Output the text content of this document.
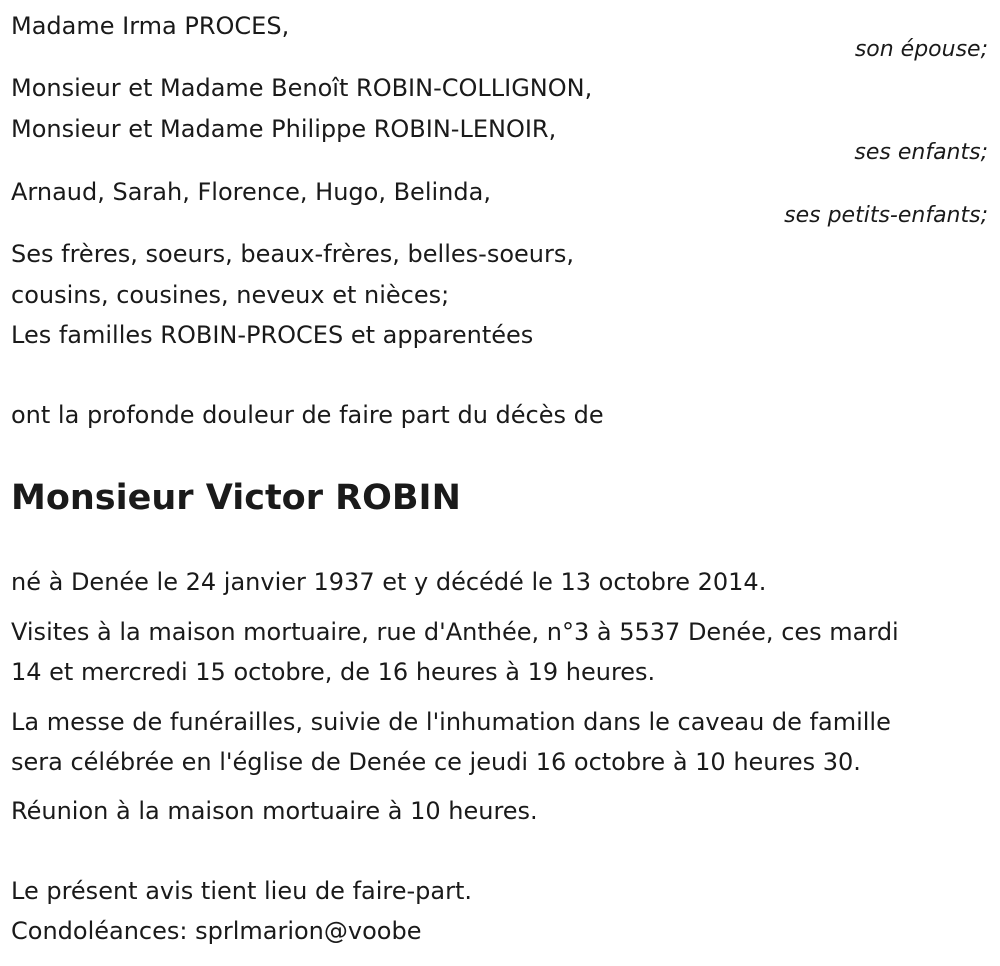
Madame Irma PROCES,

son épouse;

Monsieur et Madame Benoît ROBIN-COLLIGNON,

Monsieur et Madame Philippe ROBIN-LENOIR,

ses enfants;

Arnaud, Sarah, Florence, Hugo, Belinda,

ses petits-enfants;

Ses frères, soeurs, beaux-frères, belles-soeurs,

cousins, cousines, neveux et nièces;

Les familles ROBIN-PROCES et apparentées

ont la profonde douleur de faire part du décès de

Monsieur Victor ROBIN

né à Denée le 24 janvier 1937 et y décédé le 13 octobre 2014.

Visites à la maison mortuaire, rue d'Anthée, n°3 à 5537 Denée, ces mardi

14 et mercredi 15 octobre, de 16 heures à 19 heures.

La messe de funérailles, suivie de l'inhumation dans le caveau de famille

sera célébrée en l'église de Denée ce jeudi 16 octobre à 10 heures 30.

Réunion à la maison mortuaire à 10 heures.

Le présent avis tient lieu de faire-part.

Condoléances: sprlmarion@voobe
